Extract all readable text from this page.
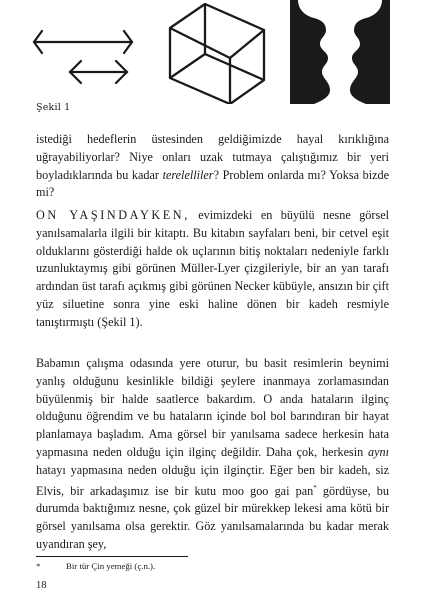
Şekil 1

istediği hedeflerin üstesinden geldiğimizde hayal kırıklığına uğrayabiliyorlar? Niye onları uzak tutmaya çalıştığımız bir yeri boyladıklarında bu kadar terelelliler? Problem onlarda mı? Yoksa bizde mi?

ON YAŞINDAYKEN, evimizdeki en büyülü nesne görsel yanılsamalarla ilgili bir kitaptı. Bu kitabın sayfaları beni, bir cetvel eşit olduklarını gösterdiği halde ok uçlarının bitiş noktaları nedeniyle farklı uzunluktaymış gibi görünen Müller-Lyer çizgileriyle, bir an yan tarafı ardından üst tarafı açıkmış gibi görünen Necker kübüyle, ansızın bir çift yüz siluetine sonra yine eski haline dönen bir kadeh resmiyle tanıştırmıştı (Şekil 1).

Babamın çalışma odasında yere oturur, bu basit resimlerin beynimi yanlış olduğunu kesinlikle bildiği şeylere inanmaya zorlamasından büyülenmiş bir halde saatlerce bakardım. O anda hataların ilginç olduğunu öğrendim ve bu hataların içinde bol bol barındıran bir hayat planlamaya başladım. Ama görsel bir yanılsama sadece herkesin hata yapmasına neden olduğu için ilginç değildir. Daha çok, herkesin aynı hatayı yapmasına neden olduğu için ilginçtir. Eğer ben bir kadeh, siz Elvis, bir arkadaşımız ise bir kutu moo goo gai pan* gördüyse, bu durumda baktığımız nesne, çok güzel bir mürekkep lekesi ama kötü bir görsel yanılsama olsa gerektir. Göz yanılsamalarında bu kadar merak uyandıran şey,

*	Bir tür Çin yemeği (ç.n.).
18
